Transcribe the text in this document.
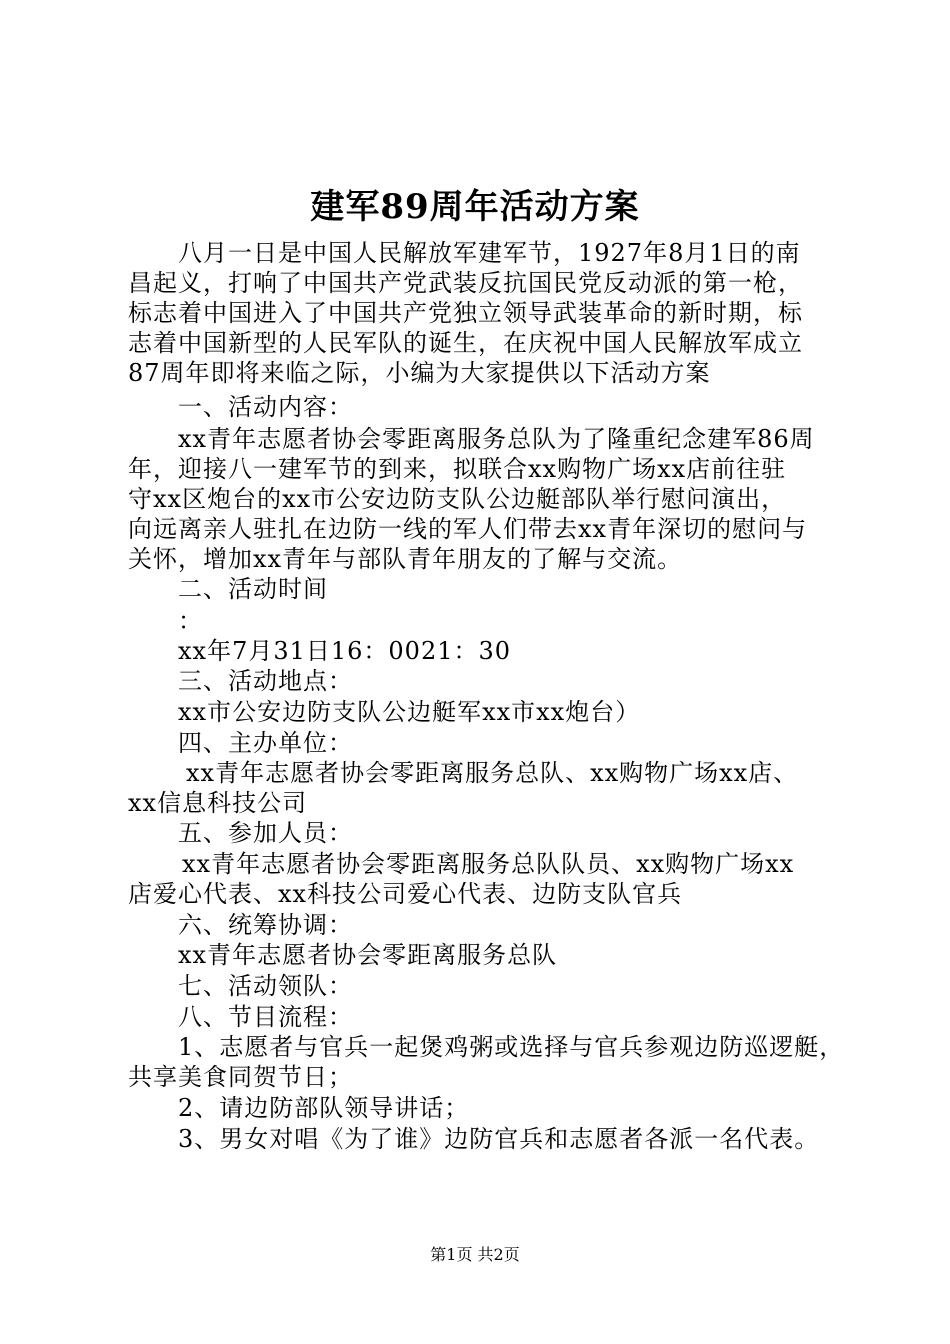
建军89周年活动方案
八月一日是中国人民解放军建军节，1927年8月1日的南
昌起义，打响了中国共产党武装反抗国民党反动派的第一枪，
标志着中国进入了中国共产党独立领导武装革命的新时期，标
志着中国新型的人民军队的诞生，在庆祝中国人民解放军成立
87周年即将来临之际，小编为大家提供以下活动方案
一、活动内容：
xx青年志愿者协会零距离服务总队为了隆重纪念建军86周
年，迎接八一建军节的到来，拟联合xx购物广场xx店前往驻
守xx区炮台的xx市公安边防支队公边艇部队举行慰问演出，
向远离亲人驻扎在边防一线的军人们带去xx青年深切的慰问与
关怀，增加xx青年与部队青年朋友的了解与交流。
二、活动时间
：
xx年7月31日16：0021：30
三、活动地点：
xx市公安边防支队公边艇军xx市xx炮台）
四、主办单位：
xx青年志愿者协会零距离服务总队、xx购物广场xx店、
xx信息科技公司
五、参加人员：
xx青年志愿者协会零距离服务总队队员、xx购物广场xx
店爱心代表、xx科技公司爱心代表、边防支队官兵
六、统筹协调：
xx青年志愿者协会零距离服务总队
七、活动领队：
八、节目流程：
1、志愿者与官兵一起煲鸡粥或选择与官兵参观边防巡逻艇，
共享美食同贺节日；
2、请边防部队领导讲话；
3、男女对唱《为了谁》边防官兵和志愿者各派一名代表。
第1页 共2页
